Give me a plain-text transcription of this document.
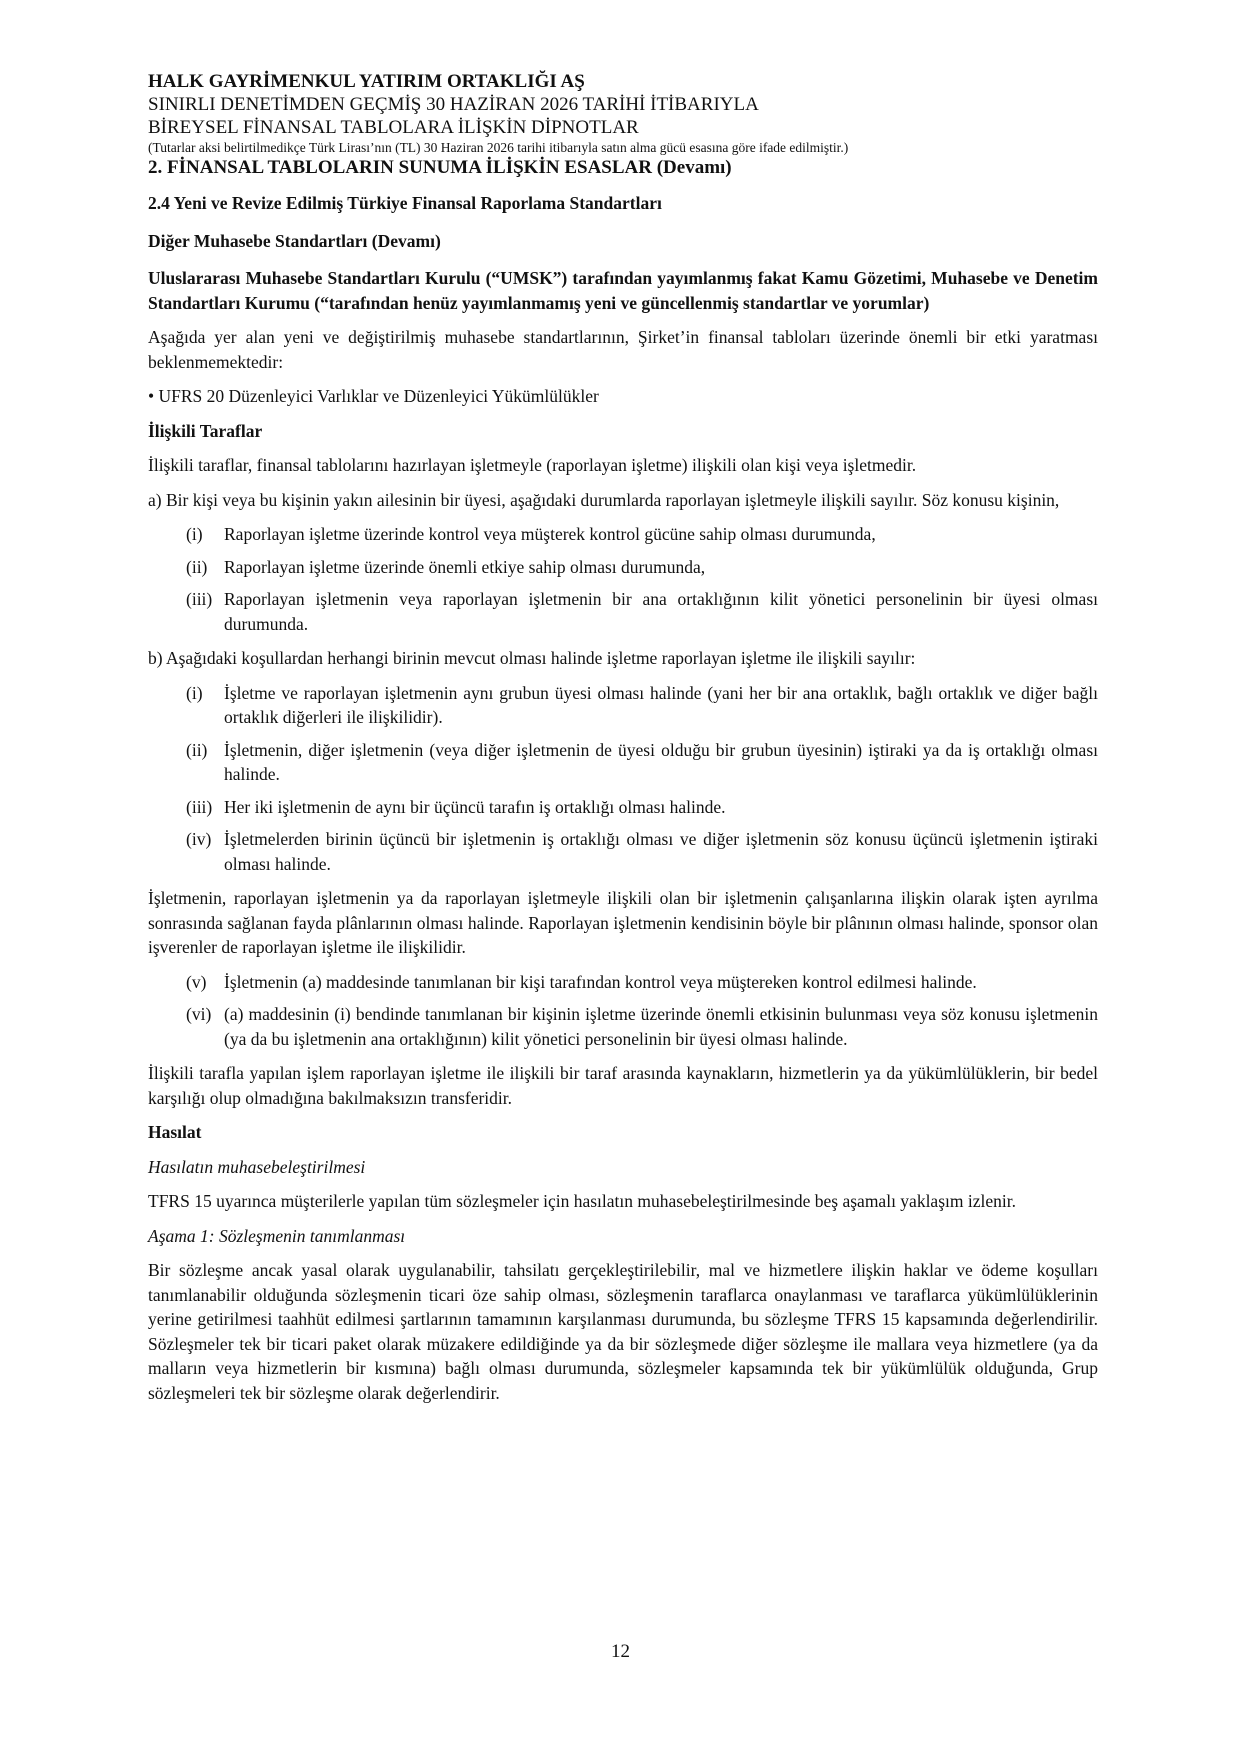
HALK GAYRİMENKUL YATIRIM ORTAKLIĞI AŞ

SINIRLI DENETİMDEN GEÇMİŞ 30 HAZİRAN 2026 TARİHİ İTİBARIYLA

BİREYSEL FİNANSAL TABLOLARA İLİŞKİN DİPNOTLAR

(Tutarlar aksi belirtilmedikçe Türk Lirası’nın (TL) 30 Haziran 2026 tarihi itibarıyla satın alma gücü esasına göre ifade edilmiştir.)

2. FİNANSAL TABLOLARIN SUNUMA İLİŞKİN ESASLAR (Devamı)

2.4 Yeni ve Revize Edilmiş Türkiye Finansal Raporlama Standartları

Diğer Muhasebe Standartları (Devamı)

Uluslararası Muhasebe Standartları Kurulu (“UMSK”) tarafından yayımlanmış fakat Kamu Gözetimi, Muhasebe ve Denetim Standartları Kurumu (“tarafından henüz yayımlanmamış yeni ve güncellenmiş standartlar ve yorumlar)

Aşağıda yer alan yeni ve değiştirilmiş muhasebe standartlarının, Şirket’in finansal tabloları üzerinde önemli bir etki yaratması beklenmemektedir:

• UFRS 20 Düzenleyici Varlıklar ve Düzenleyici Yükümlülükler

İlişkili Taraflar

İlişkili taraflar, finansal tablolarını hazırlayan işletmeyle (raporlayan işletme) ilişkili olan kişi veya işletmedir.

a) Bir kişi veya bu kişinin yakın ailesinin bir üyesi, aşağıdaki durumlarda raporlayan işletmeyle ilişkili sayılır. Söz konusu kişinin,

(i) Raporlayan işletme üzerinde kontrol veya müşterek kontrol gücüne sahip olması durumunda,
(ii) Raporlayan işletme üzerinde önemli etkiye sahip olması durumunda,
(iii) Raporlayan işletmenin veya raporlayan işletmenin bir ana ortaklığının kilit yönetici personelinin bir üyesi olması durumunda.

b) Aşağıdaki koşullardan herhangi birinin mevcut olması halinde işletme raporlayan işletme ile ilişkili sayılır:

(i) İşletme ve raporlayan işletmenin aynı grubun üyesi olması halinde (yani her bir ana ortaklık, bağlı ortaklık ve diğer bağlı ortaklık diğerleri ile ilişkilidir).
(ii) İşletmenin, diğer işletmenin (veya diğer işletmenin de üyesi olduğu bir grubun üyesinin) iştiraki ya da iş ortaklığı olması halinde.
(iii) Her iki işletmenin de aynı bir üçüncü tarafın iş ortaklığı olması halinde.
(iv) İşletmelerden birinin üçüncü bir işletmenin iş ortaklığı olması ve diğer işletmenin söz konusu üçüncü işletmenin iştiraki olması halinde.

İşletmenin, raporlayan işletmenin ya da raporlayan işletmeyle ilişkili olan bir işletmenin çalışanlarına ilişkin olarak işten ayrılma sonrasında sağlanan fayda plânlarının olması halinde. Raporlayan işletmenin kendisinin böyle bir plânının olması halinde, sponsor olan işverenler de raporlayan işletme ile ilişkilidir.

(v) İşletmenin (a) maddesinde tanımlanan bir kişi tarafından kontrol veya müştereken kontrol edilmesi halinde.
(vi) (a) maddesinin (i) bendinde tanımlanan bir kişinin işletme üzerinde önemli etkisinin bulunması veya söz konusu işletmenin (ya da bu işletmenin ana ortaklığının) kilit yönetici personelinin bir üyesi olması halinde.

İlişkili tarafla yapılan işlem raporlayan işletme ile ilişkili bir taraf arasında kaynakların, hizmetlerin ya da yükümlülüklerin, bir bedel karşılığı olup olmadığına bakılmaksızın transferidir.

Hasılat

Hasılatın muhasebeleştirilmesi

TFRS 15 uyarınca müşterilerle yapılan tüm sözleşmeler için hasılatın muhasebeleştirilmesinde beş aşamalı yaklaşım izlenir.

Aşama 1: Sözleşmenin tanımlanması

Bir sözleşme ancak yasal olarak uygulanabilir, tahsilatı gerçekleştirilebilir, mal ve hizmetlere ilişkin haklar ve ödeme koşulları tanımlanabilir olduğunda sözleşmenin ticari öze sahip olması, sözleşmenin taraflarca onaylanması ve taraflarca yükümlülüklerinin yerine getirilmesi taahhüt edilmesi şartlarının tamamının karşılanması durumunda, bu sözleşme TFRS 15 kapsamında değerlendirilir. Sözleşmeler tek bir ticari paket olarak müzakere edildiğinde ya da bir sözleşmede diğer sözleşme ile mallara veya hizmetlere (ya da malların veya hizmetlerin bir kısmına) bağlı olması durumunda, sözleşmeler kapsamında tek bir yükümlülük olduğunda, Grup sözleşmeleri tek bir sözleşme olarak değerlendirir.

12
